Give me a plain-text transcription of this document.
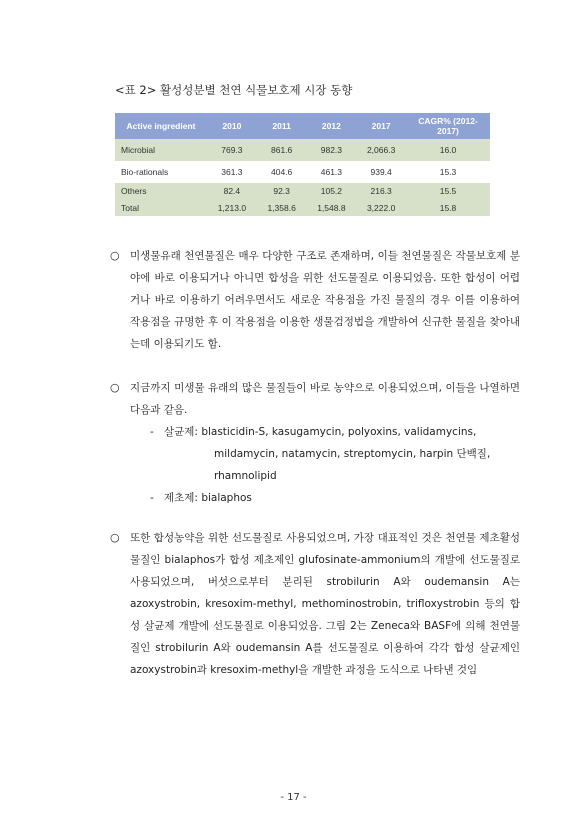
<표 2> 활성성분별 천연 식물보호제 시장 동향
Active ingredient	2010	2011	2012	2017	CAGR% (2012-2017)
Microbial	769.3	861.6	982.3	2,066.3	16.0
Bio-rationals	361.3	404.6	461.3	939.4	15.3
Others	82.4	92.3	105.2	216.3	15.5
Total	1,213.0	1,358.6	1,548.8	3,222.0	15.8
○ 미생물유래 천연물질은 매우 다양한 구조로 존재하며, 이들 천연물질은 작물보호제 분야에 바로 이용되거나 아니면 합성을 위한 선도물질로 이용되었음. 또한 합성이 어렵거나 바로 이용하기 어려우면서도 새로운 작용점을 가진 물질의 경우 이를 이용하여 작용점을 규명한 후 이 작용점을 이용한 생물검정법을 개발하여 신규한 물질을 찾아내는데 이용되기도 함.
○ 지금까지 미생물 유래의 많은 물질들이 바로 농약으로 이용되었으며, 이들을 나열하면 다음과 같음.
- 살균제: blasticidin-S, kasugamycin, polyoxins, validamycins,
mildamycin, natamycin, streptomycin, harpin 단백질,
rhamnolipid
- 제초제: bialaphos
○ 또한 합성농약을 위한 선도물질로 사용되었으며, 가장 대표적인 것은 천연물 제초활성물질인 bialaphos가 합성 제초제인 glufosinate-ammonium의 개발에 선도물질로 사용되었으며, 버섯으로부터 분리된 strobilurin A와 oudemansin A는 azoxystrobin, kresoxim-methyl, methominostrobin, trifloxystrobin 등의 합성 살균제 개발에 선도물질로 이용되었음. 그림 2는 Zeneca와 BASF에 의해 천연물질인 strobilurin A와 oudemansin A를 선도물질로 이용하여 각각 합성 살균제인 azoxystrobin과 kresoxim-methyl을 개발한 과정을 도식으로 나타낸 것임
- 17 -
